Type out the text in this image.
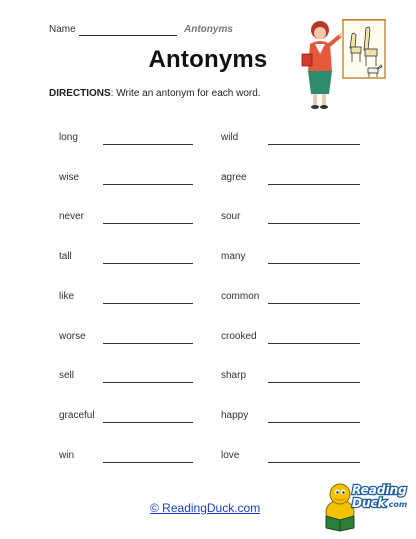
Name	Antonyms
Antonyms
DIRECTIONS: Write an antonym for each word.
long
wise
never
tall
like
worse
sell
graceful
win
wild
agree
sour
many
common
crooked
sharp
happy
love
© ReadingDuck.com
Reading
Duck.com
